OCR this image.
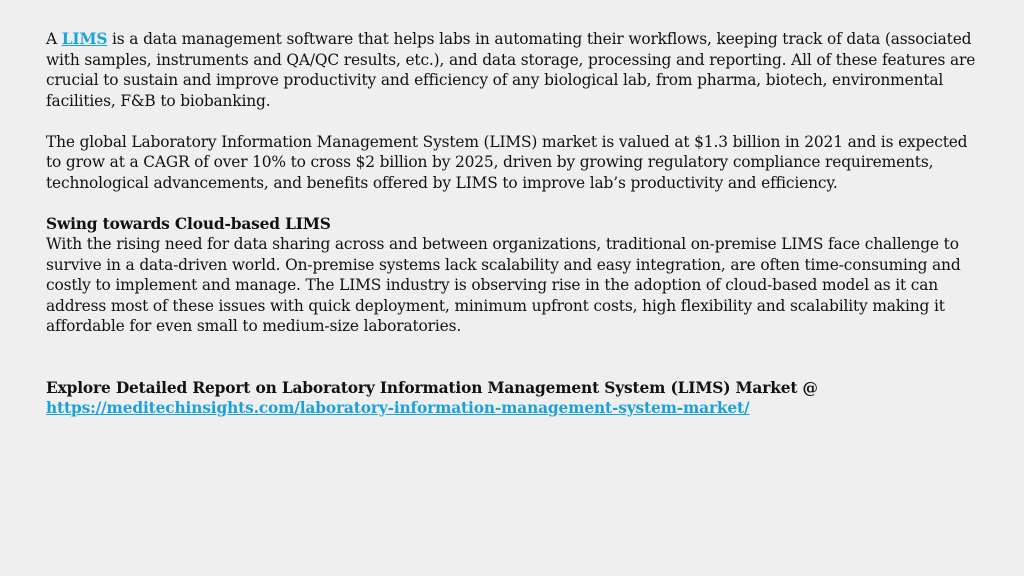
A LIMS is a data management software that helps labs in automating their workflows, keeping track of data (associated with samples, instruments and QA/QC results, etc.), and data storage, processing and reporting. All of these features are crucial to sustain and improve productivity and efficiency of any biological lab, from pharma, biotech, environmental facilities, F&B to biobanking.

The global Laboratory Information Management System (LIMS) market is valued at $1.3 billion in 2021 and is expected to grow at a CAGR of over 10% to cross $2 billion by 2025, driven by growing regulatory compliance requirements, technological advancements, and benefits offered by LIMS to improve lab’s productivity and efficiency.

Swing towards Cloud-based LIMS

With the rising need for data sharing across and between organizations, traditional on-premise LIMS face challenge to survive in a data-driven world. On-premise systems lack scalability and easy integration, are often time-consuming and costly to implement and manage. The LIMS industry is observing rise in the adoption of cloud-based model as it can address most of these issues with quick deployment, minimum upfront costs, high flexibility and scalability making it affordable for even small to medium-size laboratories.

Explore Detailed Report on Laboratory Information Management System (LIMS) Market @

https://meditechinsights.com/laboratory-information-management-system-market/
